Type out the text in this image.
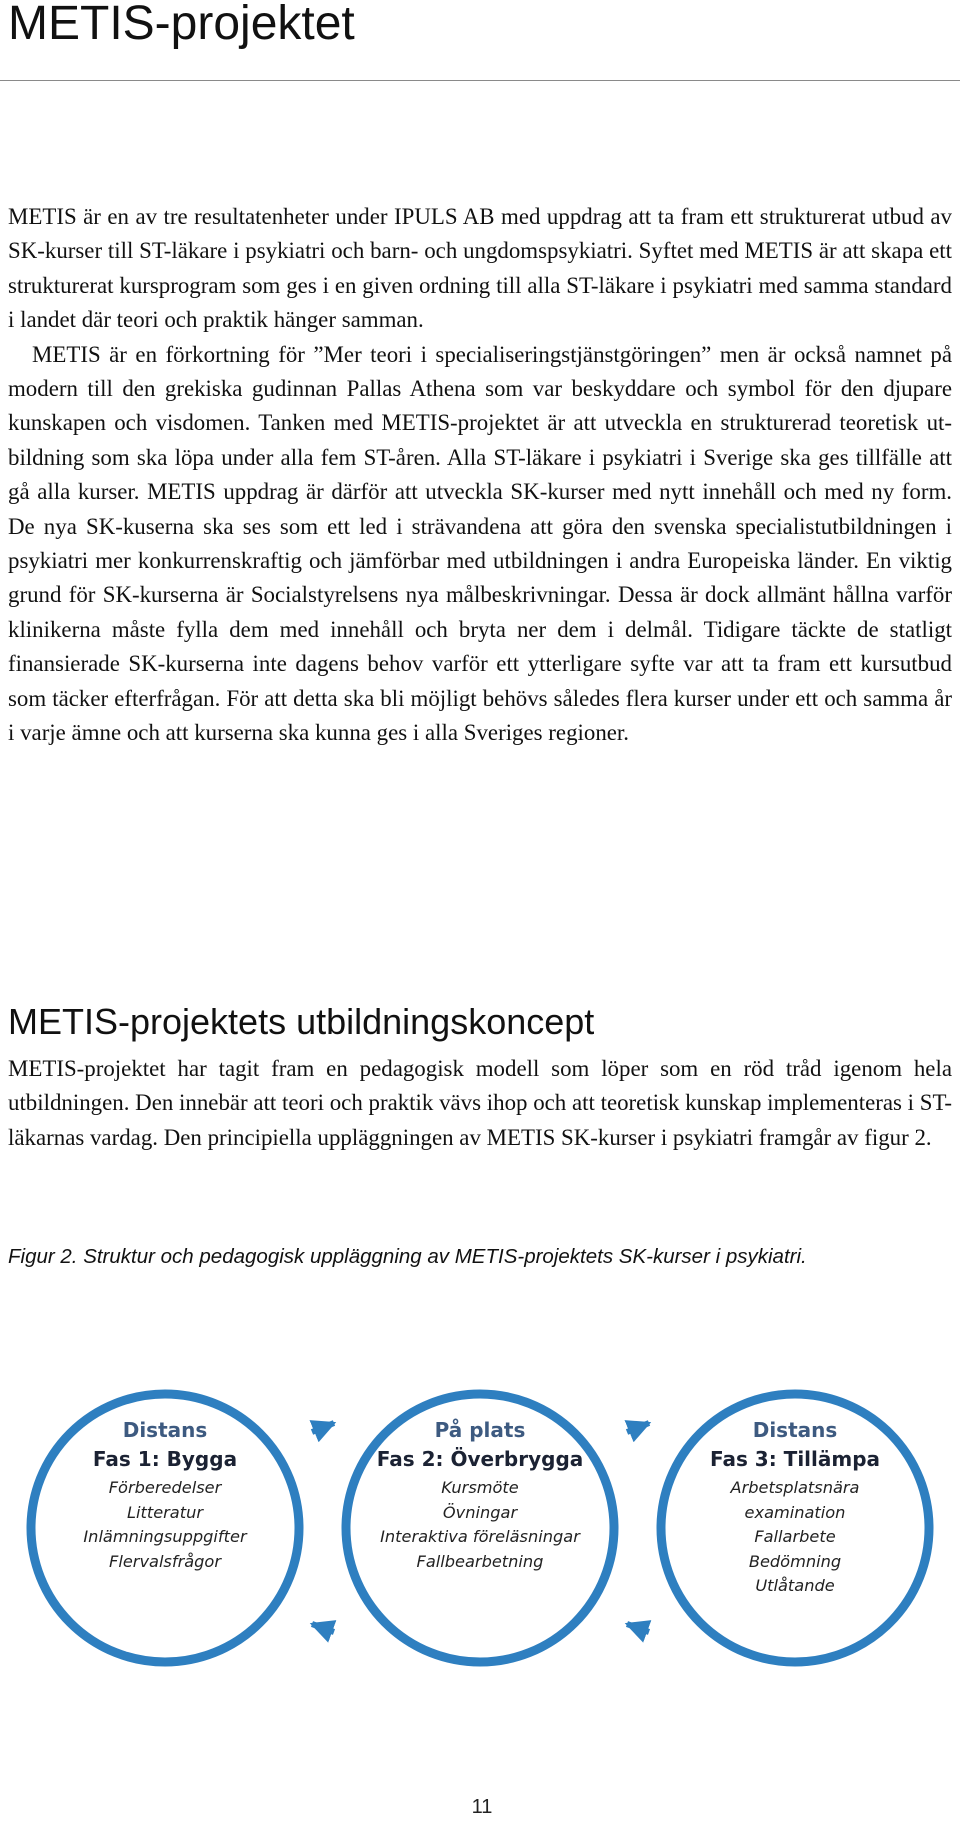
METIS-projektet

METIS är en av tre resultatenheter under IPULS AB med uppdrag att ta fram ett strukturerat utbud av SK-kurser till ST-läkare i psykiatri och barn- och ungdomspsykiatri. Syftet med METIS är att skapa ett strukturerat kursprogram som ges i en given ordning till alla ST-läkare i psykiatri med samma standard i landet där teori och praktik hänger samman.
METIS är en förkortning för ”Mer teori i specialiseringstjänstgöringen” men är också namnet på modern till den grekiska gudinnan Pallas Athena som var beskyddare och symbol för den djupare kunskapen och visdomen. Tanken med METIS-projektet är att utveckla en strukturerad teoretisk utbildning som ska löpa under alla fem ST-åren. Alla ST-läkare i psykiatri i Sverige ska ges tillfälle att gå alla kurser. METIS uppdrag är därför att utveckla SK-kurser med nytt innehåll och med ny form. De nya SK-kuserna ska ses som ett led i strävandena att göra den svenska specialistutbildningen i psykiatri mer konkurrenskraftig och jämförbar med utbildningen i andra Europeiska länder. En viktig grund för SK-kurserna är Socialstyrelsens nya målbeskrivningar. Dessa är dock allmänt hållna varför klinikerna måste fylla dem med innehåll och bryta ner dem i delmål. Tidigare täckte de statligt finansierade SK-kurserna inte dagens behov varför ett ytterligare syfte var att ta fram ett kursutbud som täcker efterfrågan. För att detta ska bli möjligt behövs således flera kurser under ett och samma år i varje ämne och att kurserna ska kunna ges i alla Sveriges regioner.

METIS-projektets utbildningskoncept

METIS-projektet har tagit fram en pedagogisk modell som löper som en röd tråd igenom hela utbildningen. Den innebär att teori och praktik vävs ihop och att teoretisk kunskap implementeras i ST-läkarnas vardag. Den principiella uppläggningen av METIS SK-kurser i psykiatri framgår av figur 2.

Figur 2. Struktur och pedagogisk uppläggning av METIS-projektets SK-kurser i psykiatri.

Distans
Fas 1: Bygga
Förberedelser
Litteratur
Inlämningsuppgifter
Flervalsfrågor
På plats
Fas 2: Överbrygga
Kursmöte
Övningar
Interaktiva föreläsningar
Fallbearbetning
Distans
Fas 3: Tillämpa
Arbetsplatsnära
examination
Fallarbete
Bedömning
Utlåtande
11
